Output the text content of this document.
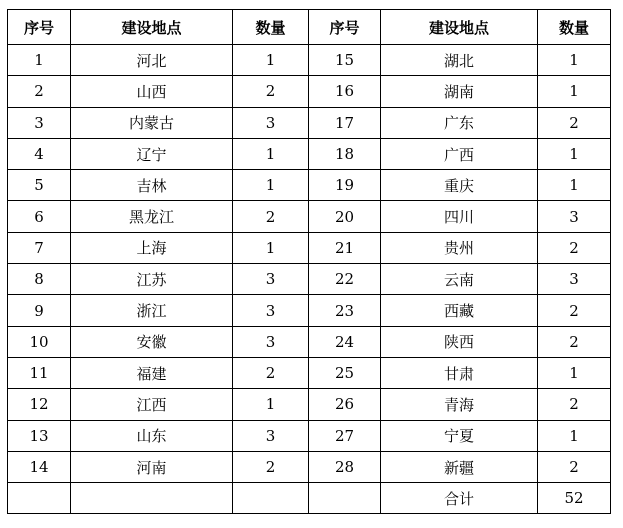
序号	建设地点	数量	序号	建设地点	数量
1	河北	1	15	湖北	1
2	山西	2	16	湖南	1
3	内蒙古	3	17	广东	2
4	辽宁	1	18	广西	1
5	吉林	1	19	重庆	1
6	黑龙江	2	20	四川	3
7	上海	1	21	贵州	2
8	江苏	3	22	云南	3
9	浙江	3	23	西藏	2
10	安徽	3	24	陕西	2
11	福建	2	25	甘肃	1
12	江西	1	26	青海	2
13	山东	3	27	宁夏	1
14	河南	2	28	新疆	2
				合计	52
